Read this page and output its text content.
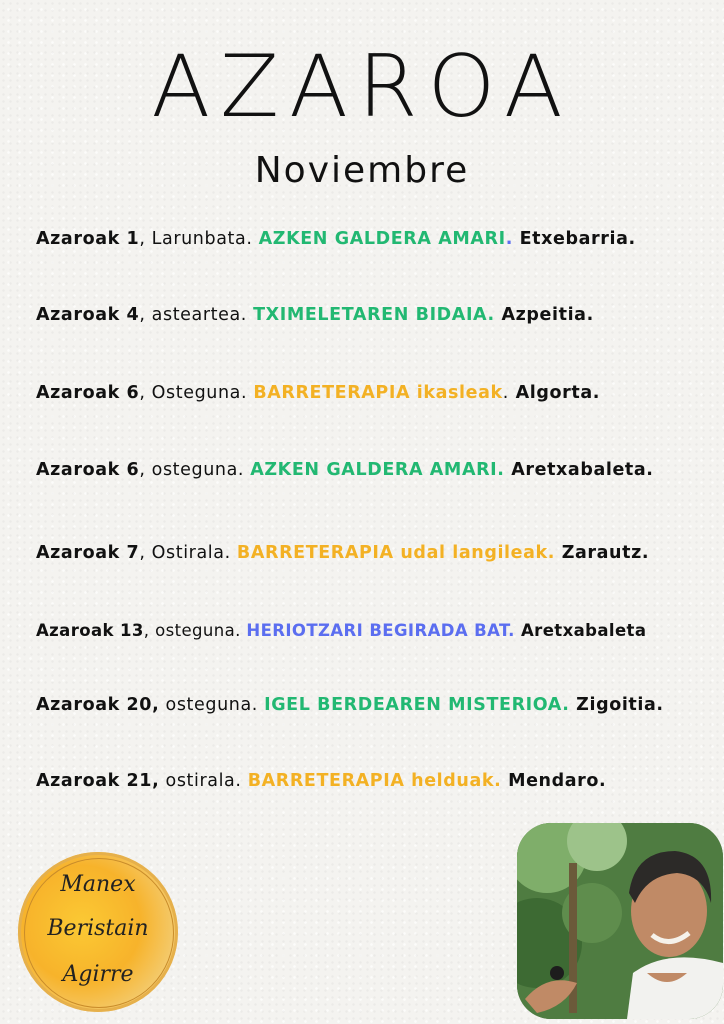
AZAROA
Noviembre
Azaroak 1, Larunbata. AZKEN GALDERA AMARI. Etxebarria.
Azaroak 4, asteartea. TXIMELETAREN BIDAIA. Azpeitia.
Azaroak 6, Osteguna. BARRETERAPIA ikasleak. Algorta.
Azaroak 6, osteguna. AZKEN GALDERA AMARI. Aretxabaleta.
Azaroak 7, Ostirala. BARRETERAPIA udal langileak. Zarautz.
Azaroak 13, osteguna. HERIOTZARI BEGIRADA BAT. Aretxabaleta
Azaroak 20, osteguna. IGEL BERDEAREN MISTERIOA. Zigoitia.
Azaroak 21, ostirala. BARRETERAPIA helduak. Mendaro.
Manex
Beristain
Agirre
